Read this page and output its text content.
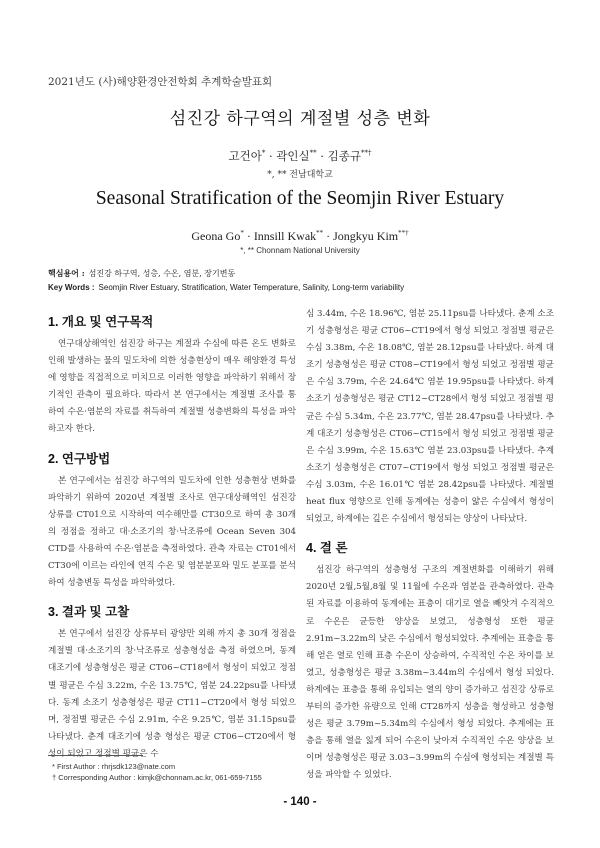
2021년도 (사)해양환경안전학회 추계학술발표회
섬진강 하구역의 계절별 성층 변화
고건아* · 곽인실** · 김종규**†
*, ** 전남대학교
Seasonal Stratification of the Seomjin River Estuary
Geona Go* · Innsill Kwak** · Jongkyu Kim**†
*, ** Chonnam National University
핵심용어 : 섬진강 하구역, 성층, 수온, 염분, 장기변동
Key Words : Seomjin River Estuary, Stratification, Water Temperature, Salinity, Long-term variability
1. 개요 및 연구목적

연구대상해역인 섬진강 하구는 계절과 수심에 따른 온도 변화로 인해 발생하는 물의 밀도차에 의한 성층현상이 매우 해양환경 특성에 영향을 직접적으로 미치므로 이러한 영향을 파악하기 위해서 장기적인 관측이 필요하다. 따라서 본 연구에서는 계절별 조사를 통하여 수온·염분의 자료를 취득하여 계절별 성층변화의 특성을 파악하고자 한다.

2. 연구방법

본 연구에서는 섬진강 하구역의 밀도차에 인한 성층현상 변화를 파악하기 위하여 2020년 계절별 조사로 연구대상해역인 섬진강 상류를 CT01으로 시작하여 여수해만를 CT30으로 하여 총 30개의 정점을 정하고 대·소조기의 창·낙조류에 Ocean Seven 304 CTD를 사용하여 수온·염분을 측정하였다. 관측 자료는 CT01에서 CT30에 이르는 라인에 연직 수온 및 염분분포와 밀도 분포를 분석하여 성층변동 특성을 파악하였다.

3. 결과 및 고찰

본 연구에서 섬진강 상류부터 광양만 외해 까지 총 30개 정점을 계절별 대·소조기의 창·낙조류로 성층형성을 측정 하였으며, 동계 대조기에 성층형성은 평균 CT06~CT18에서 형성이 되었고 정점별 평균은 수심 3.22m, 수온 13.75℃, 염분 24.22psu를 나타냈다. 동계 소조기 성층형성은 평균 CT11~CT20에서 형성 되었으며, 정점별 평균은 수심 2.91m, 수온 9.25℃, 염분 31.15psu를 나타냈다. 춘계 대조기에 성층 형성은 평균 CT06~CT20에서 형성이 되었고 정점별 평균은 수

심 3.44m, 수온 18.96℃, 염분 25.11psu를 나타냈다. 춘계 소조기 성층형성은 평균 CT06~CT19에서 형성 되었고 정점별 평균은 수심 3.38m, 수온 18.08℃, 염분 28.12psu를 나타냈다. 하계 대조기 성층형성은 평균 CT08~CT19에서 형성 되었고 정점별 평균은 수심 3.79m, 수온 24.64℃ 염분 19.95psu를 나타냈다. 하계 소조기 성층형성은 평균 CT12~CT28에서 형성 되었고 정점별 평균은 수심 5.34m, 수온 23.77℃, 염분 28.47psu를 나타냈다. 추계 대조기 성층형성은 CT06~CT15에서 형성 되었고 정점별 평균은 수심 3.99m, 수온 15.63℃ 염분 23.03psu를 나타냈다. 추계 소조기 성층형성은 CT07~CT19에서 형성 되었고 정점별 평균은 수심 3.03m, 수온 16.01℃ 염분 28.42psu를 나타냈다. 계절별 heat flux 영향으로 인해 동계에는 성층이 얇은 수심에서 형성이 되었고, 하계에는 깊은 수심에서 형성되는 양상이 나타났다.

4. 결 론

섬진강 하구역의 성층형성 구조의 계절변화를 이해하기 위해 2020년 2월,5월,8월 및 11월에 수온과 염분을 관측하였다. 관측된 자료를 이용하여 동계에는 표층이 대기로 열을 빼앗겨 수직적으로 수온은 균등한 양상을 보였고, 성층형성 또한 평균 2.91m~3.22m의 낮은 수심에서 형성되었다. 추계에는 표층을 통해 얻은 열로 인해 표층 수온이 상승하여, 수직적인 수온 차이를 보였고, 성층형성은 평균 3.38m~3.44m의 수심에서 형성 되었다. 하계에는 표층을 통해 유입되는 열의 양이 증가하고 섬진강 상류로부터의 증가한 유량으로 인해 CT28까지 성층을 형성하고 성층형성은 평균 3.79m~5.34m의 수심에서 형성 되었다. 추계에는 표층을 통해 열을 잃게 되어 수온이 낮아져 수직적인 수온 양상을 보이며 성층형성은 평균 3.03~3.99m의 수심에 형성되는 계절별 특성을 파악할 수 있었다.

* First Author : rhrjsdk123@nate.com
† Corresponding Author : kimjk@chonnam.ac.kr, 061-659-7155
- 140 -
